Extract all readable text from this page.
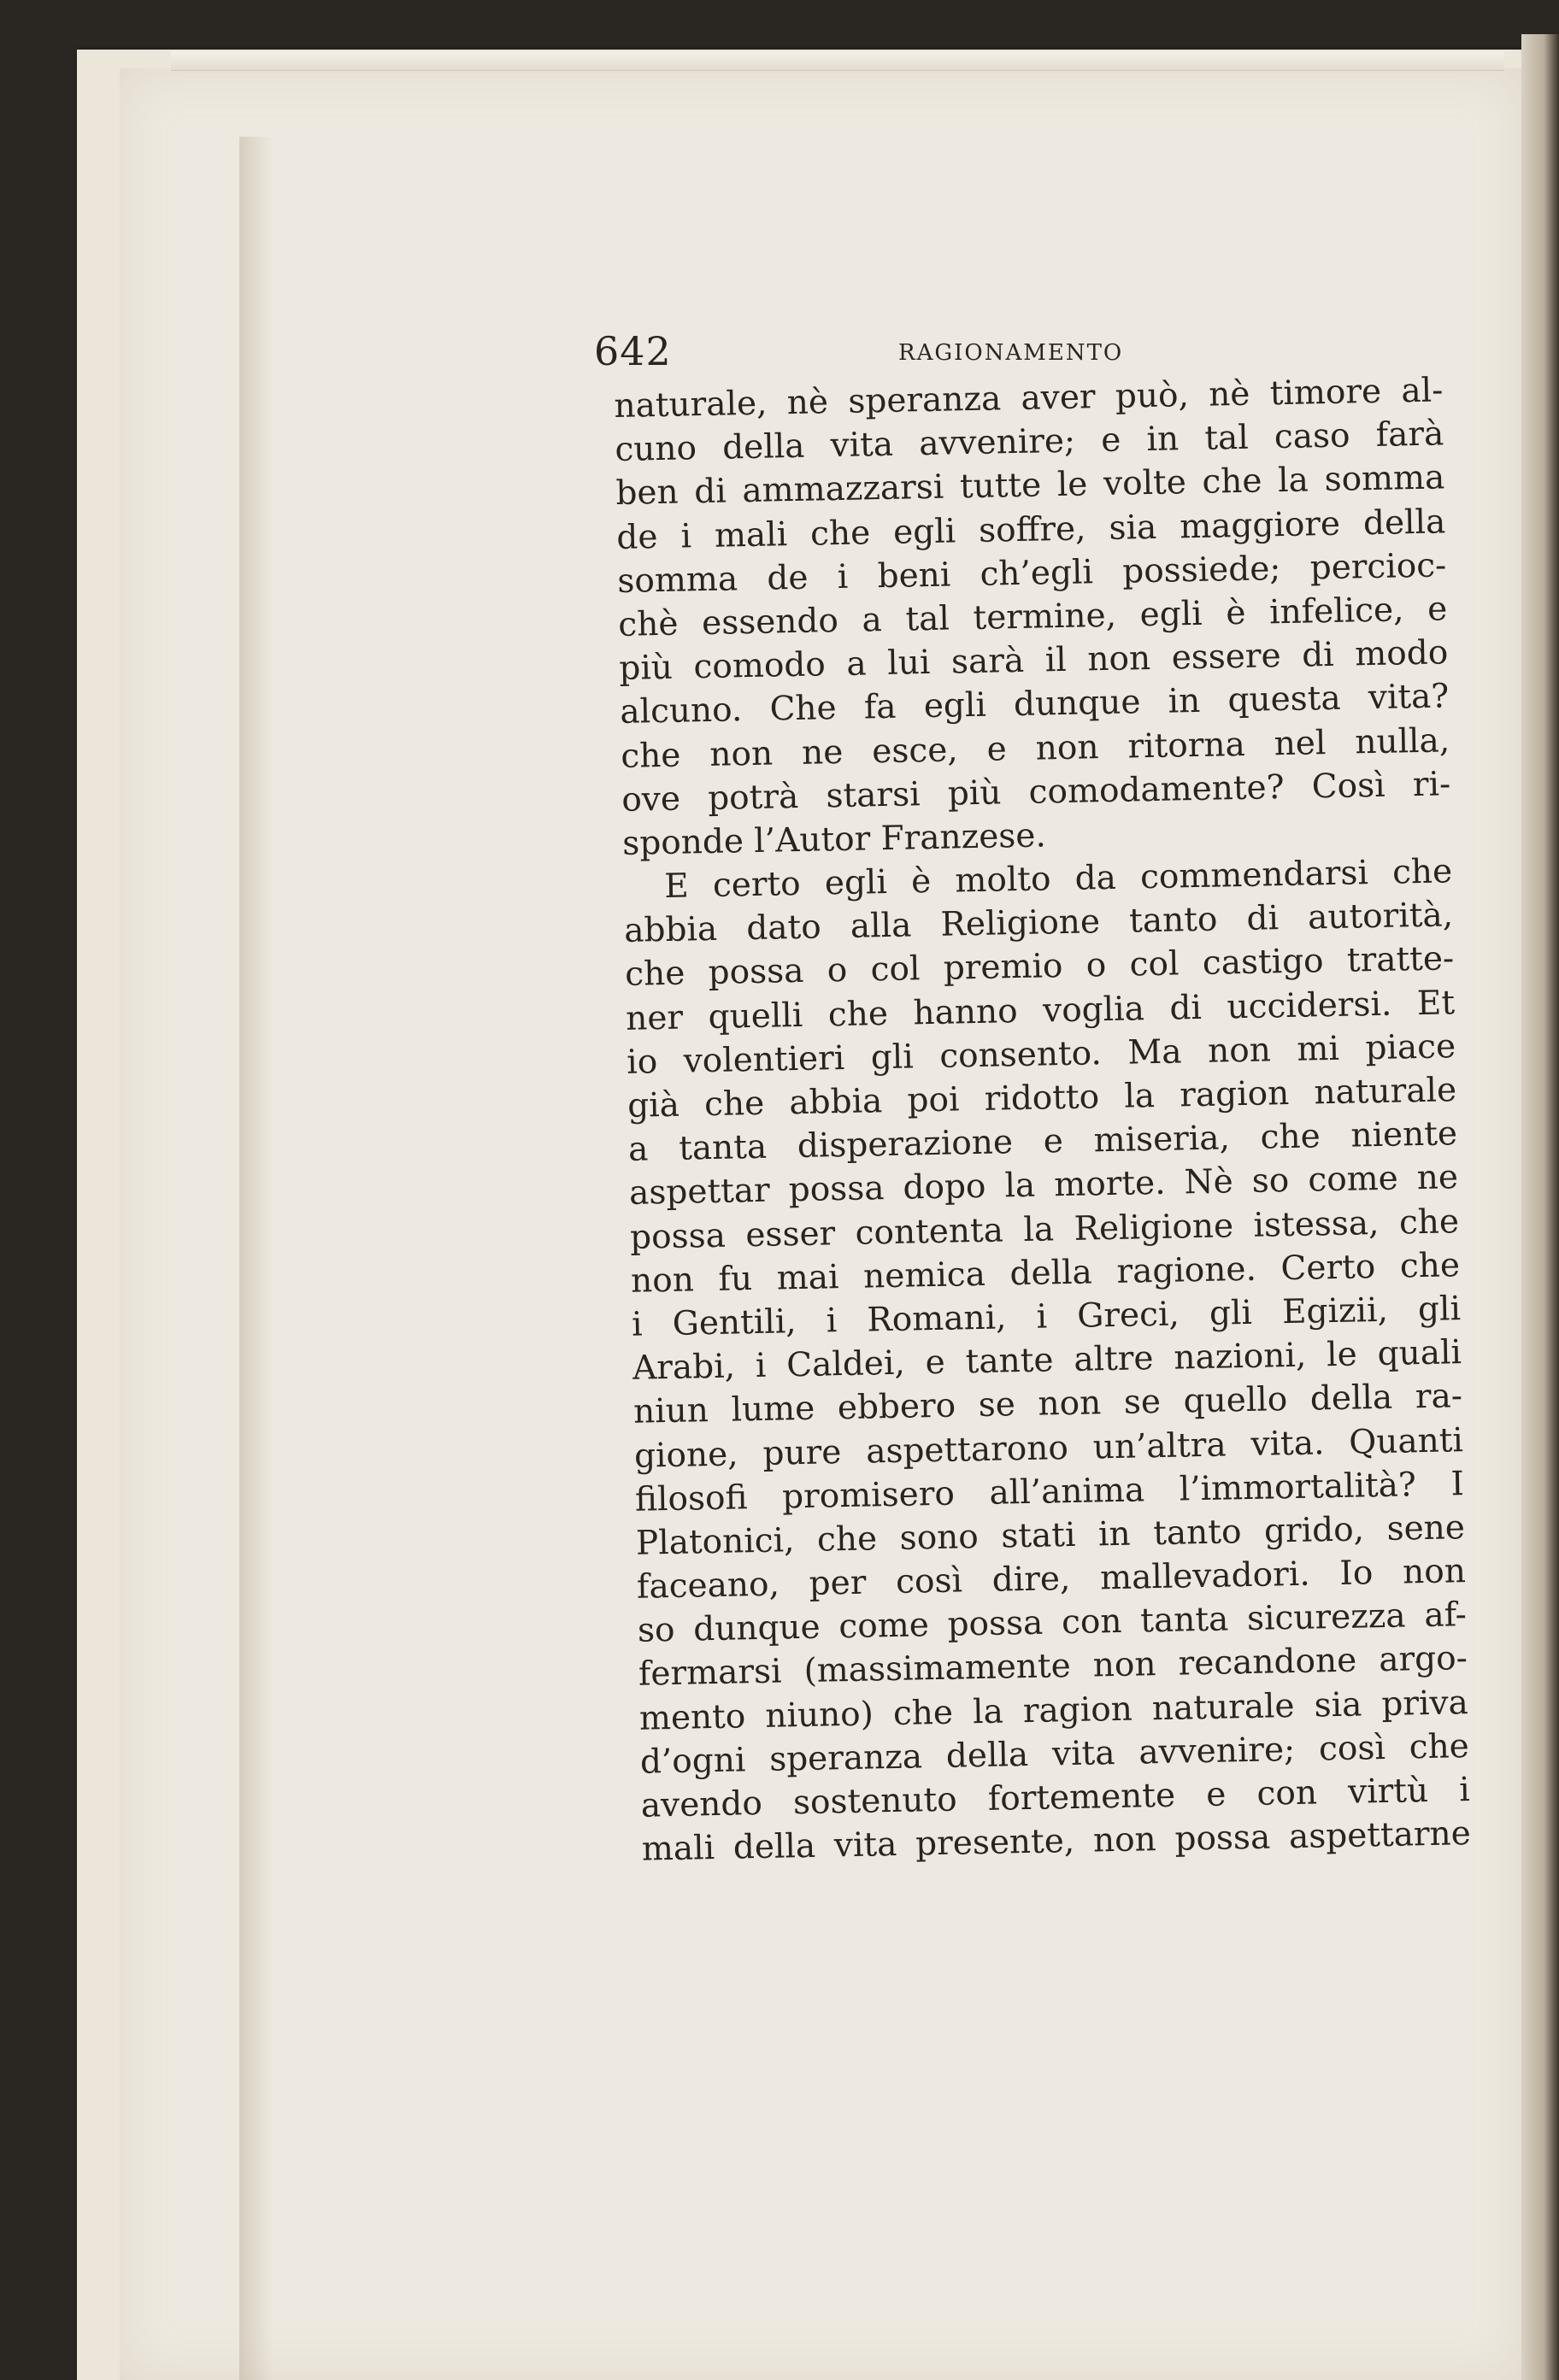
642	RAGIONAMENTO
naturale, nè speranza aver può, nè timore al-
cuno della vita avvenire; e in tal caso farà
ben di ammazzarsi tutte le volte che la somma
de i mali che egli soffre, sia maggiore della
somma de i beni ch’egli possiede; percioc-
chè essendo a tal termine, egli è infelice, e
più comodo a lui sarà il non essere di modo
alcuno. Che fa egli dunque in questa vita?
che non ne esce, e non ritorna nel nulla,
ove potrà starsi più comodamente? Così ri-
sponde l’Autor Franzese.
E certo egli è molto da commendarsi che
abbia dato alla Religione tanto di autorità,
che possa o col premio o col castigo tratte-
ner quelli che hanno voglia di uccidersi. Et
io volentieri gli consento. Ma non mi piace
già che abbia poi ridotto la ragion naturale
a tanta disperazione e miseria, che niente
aspettar possa dopo la morte. Nè so come ne
possa esser contenta la Religione istessa, che
non fu mai nemica della ragione. Certo che
i Gentili, i Romani, i Greci, gli Egizii, gli
Arabi, i Caldei, e tante altre nazioni, le quali
niun lume ebbero se non se quello della ra-
gione, pure aspettarono un’altra vita. Quanti
filosofi promisero all’anima l’immortalità? I
Platonici, che sono stati in tanto grido, sene
faceano, per così dire, mallevadori. Io non
so dunque come possa con tanta sicurezza af-
fermarsi (massimamente non recandone argo-
mento niuno) che la ragion naturale sia priva
d’ogni speranza della vita avvenire; così che
avendo sostenuto fortemente e con virtù i
mali della vita presente, non possa aspettarne
